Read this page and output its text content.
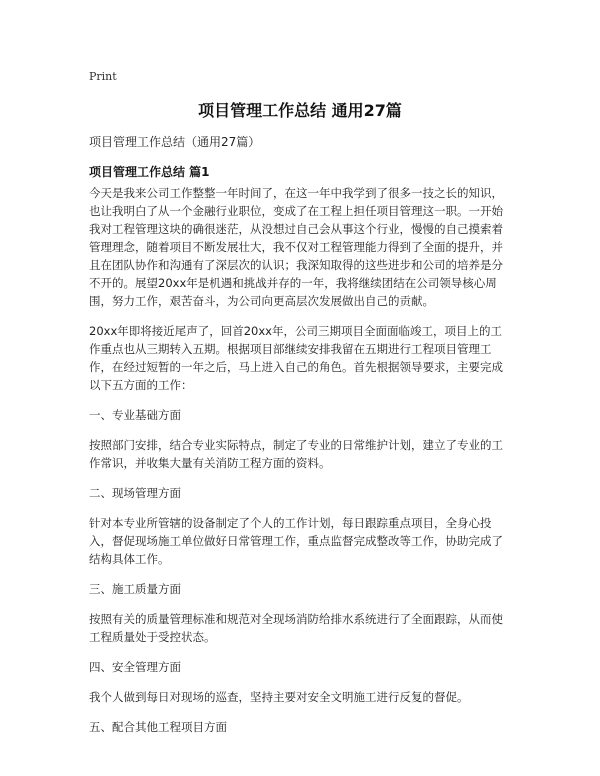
Print
项目管理工作总结 通用27篇
项目管理工作总结（通用27篇）
项目管理工作总结 篇1

今天是我来公司工作整整一年时间了，在这一年中我学到了很多一技之长的知识，也让我明白了从一个金融行业职位，变成了在工程上担任项目管理这一职。一开始我对工程管理这块的确很迷茫，从没想过自己会从事这个行业，慢慢的自己摸索着管理理念，随着项目不断发展壮大，我不仅对工程管理能力得到了全面的提升，并且在团队协作和沟通有了深层次的认识；我深知取得的这些进步和公司的培养是分不开的。展望20xx年是机遇和挑战并存的一年，我将继续团结在公司领导核心周围，努力工作，艰苦奋斗，为公司向更高层次发展做出自己的贡献。

20xx年即将接近尾声了，回首20xx年，公司三期项目全面面临竣工，项目上的工作重点也从三期转入五期。根据项目部继续安排我留在五期进行工程项目管理工作，在经过短暂的一年之后，马上进入自己的角色。首先根据领导要求，主要完成以下五方面的工作：

一、专业基础方面

按照部门安排，结合专业实际特点，制定了专业的日常维护计划，建立了专业的工作常识，并收集大量有关消防工程方面的资料。

二、现场管理方面

针对本专业所管辖的设备制定了个人的工作计划，每日跟踪重点项目，全身心投入，督促现场施工单位做好日常管理工作，重点监督完成整改等工作，协助完成了结构具体工作。

三、施工质量方面

按照有关的质量管理标准和规范对全现场消防给排水系统进行了全面跟踪，从而使工程质量处于受控状态。

四、安全管理方面

我个人做到每日对现场的巡查，坚持主要对安全文明施工进行反复的督促。

五、配合其他工程项目方面
